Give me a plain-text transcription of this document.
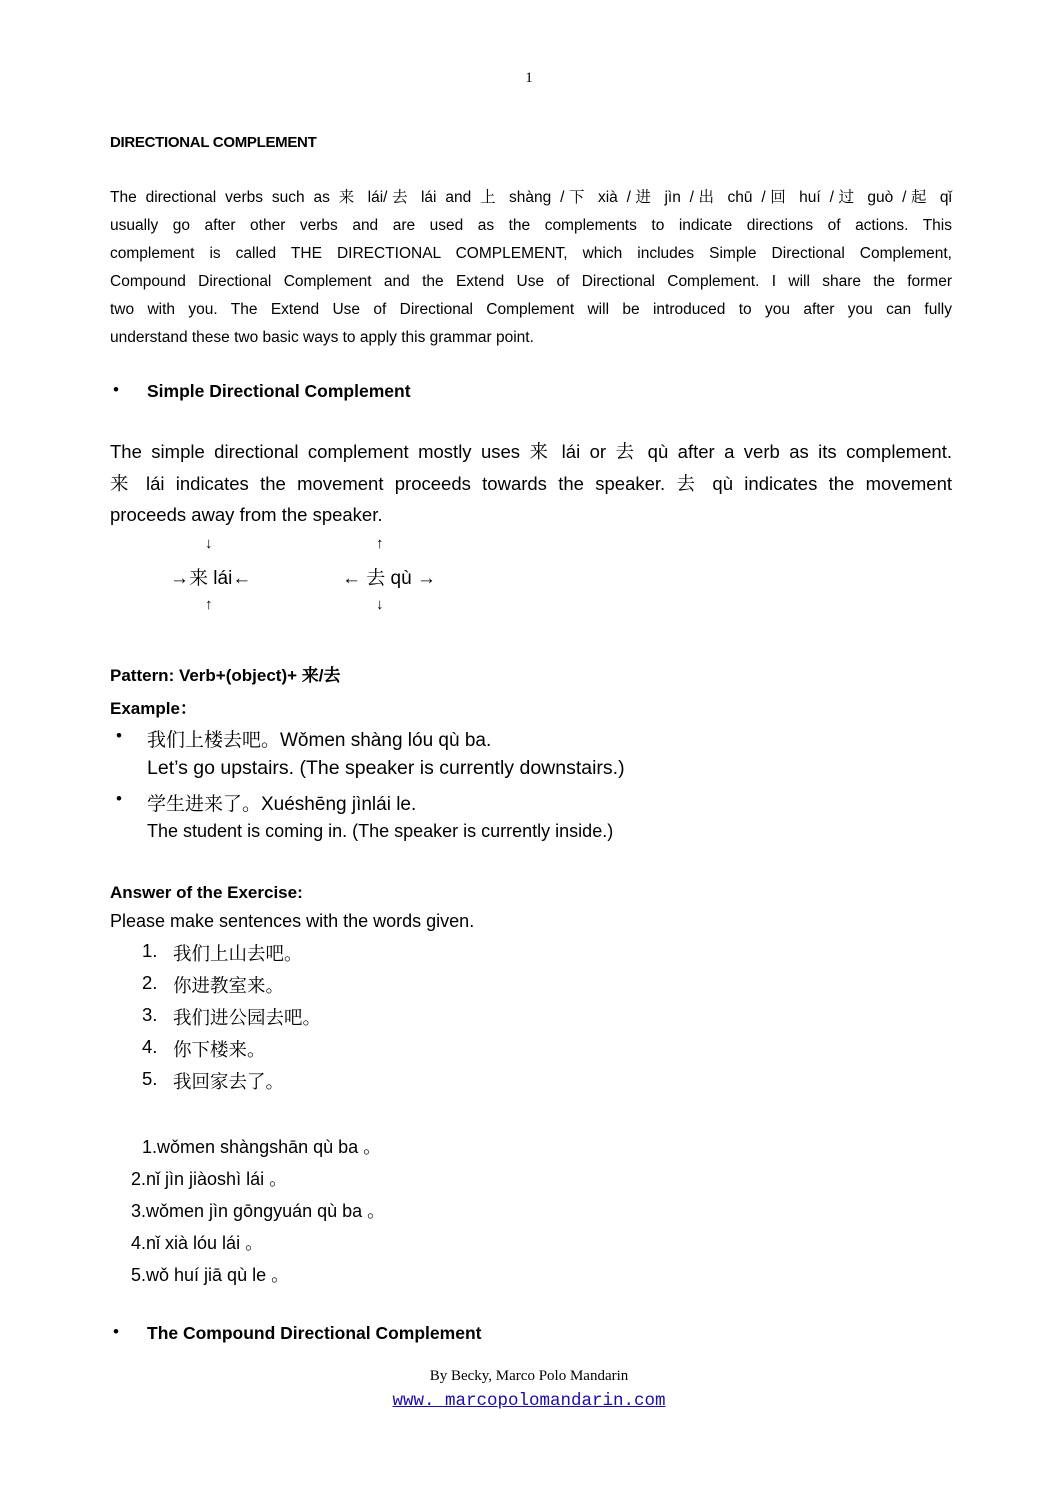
1
DIRECTIONAL COMPLEMENT
The directional verbs such as 来 lái/去 lái and 上 shàng /下 xià /进 jìn /出 chū /回 huí /过 guò /起 qǐ
usually go after other verbs and are used as the complements to indicate directions of actions. This
complement is called THE DIRECTIONAL COMPLEMENT, which includes Simple Directional Complement,
Compound Directional Complement and the Extend Use of Directional Complement. I will share the former
two with you. The Extend Use of Directional Complement will be introduced to you after you can fully
understand these two basic ways to apply this grammar point.
• Simple Directional Complement
The simple directional complement mostly uses 来 lái or 去 qù after a verb as its complement.
来 lái indicates the movement proceeds towards the speaker. 去 qù indicates the movement
proceeds away from the speaker.
↓
→来 lái←
↑
↑
← 去 qù →
↓
Pattern: Verb+(object)+ 来/去
Example：
• 我们上楼去吧。Wǒmen shàng lóu qù ba.
Let’s go upstairs. (The speaker is currently downstairs.)
• 学生进来了。Xuéshēng jìnlái le.
The student is coming in. (The speaker is currently inside.)
Answer of the Exercise:
Please make sentences with the words given.
1. 我们上山去吧。
2. 你进教室来。
3. 我们进公园去吧。
4. 你下楼来。
5. 我回家去了。
1.wǒmen shàngshān qù ba 。
2.nǐ jìn jiàoshì lái 。
3.wǒmen jìn gōngyuán qù ba 。
4.nǐ xià lóu lái 。
5.wǒ huí jiā qù le 。
• The Compound Directional Complement
By Becky, Marco Polo Mandarin
www. marcopolomandarin.com
